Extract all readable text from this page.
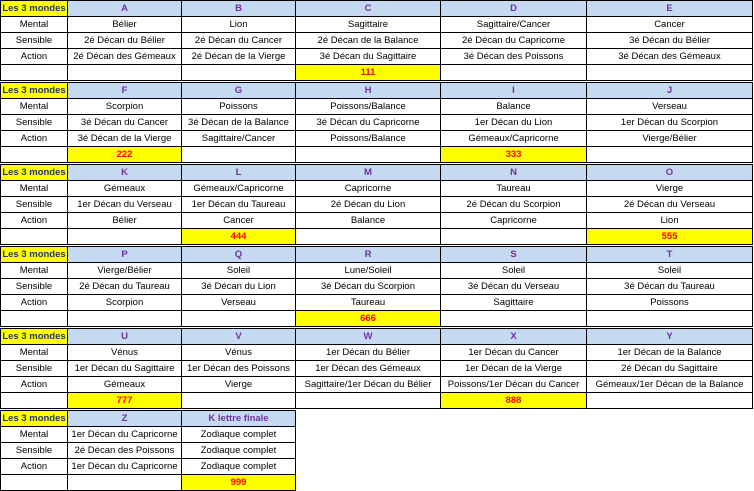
Les 3 mondes	A	B	C	D	E
Mental	Bélier	Lion	Sagittaire	Sagittaire/Cancer	Cancer
Sensible	2é Décan du Bélier	2é Décan du Cancer	2é Décan de la Balance	2é Décan du Capricorne	3é Décan du Bélier
Action	2é Décan des Gémeaux	2é Décan de la Vierge	3é Décan du Sagittaire	3é Décan des Poissons	3é Décan des Gémeaux
			111		
Les 3 mondes	F	G	H	I	J
Mental	Scorpion	Poissons	Poissons/Balance	Balance	Verseau
Sensible	3é Décan du Cancer	3é Décan de la Balance	3é Décan du Capricorne	1er Décan du Lion	1er Décan du Scorpion
Action	3é Décan de la Vierge	Sagittaire/Cancer	Poissons/Balance	Gémeaux/Capricorne	Vierge/Bélier
	222			333	
Les 3 mondes	K	L	M	N	O
Mental	Gémeaux	Gémeaux/Capricorne	Capricorne	Taureau	Vierge
Sensible	1er Décan du Verseau	1er Décan du Taureau	2é Décan du Lion	2é Décan du Scorpion	2é Décan du Verseau
Action	Bélier	Cancer	Balance	Capricorne	Lion
		444			555
Les 3 mondes	P	Q	R	S	T
Mental	Vierge/Bélier	Soleil	Lune/Soleil	Soleil	Soleil
Sensible	2é Décan du Taureau	3é Décan du Lion	3é Décan du Scorpion	3é Décan du Verseau	3é Décan du Taureau
Action	Scorpion	Verseau	Taureau	Sagittaire	Poissons
			666		
Les 3 mondes	U	V	W	X	Y
Mental	Vénus	Vénus	1er Décan du Bélier	1er Décan du Cancer	1er Décan de la Balance
Sensible	1er Décan du Sagittaire	1er Décan des Poissons	1er Décan des Gémeaux	1er Décan de la Vierge	2é Décan du Sagittaire
Action	Gémeaux	Vierge	Sagittaire/1er Décan du Bélier	Poissons/1er Décan du Cancer	Gémeaux/1er Décan de la Balance
	777			888	
Les 3 mondes	Z	K lettre finale
Mental	1er Décan du Capricorne	Zodiaque complet
Sensible	2é Décan des Poissons	Zodiaque complet
Action	1er Décan du Capricorne	Zodiaque complet
		999
